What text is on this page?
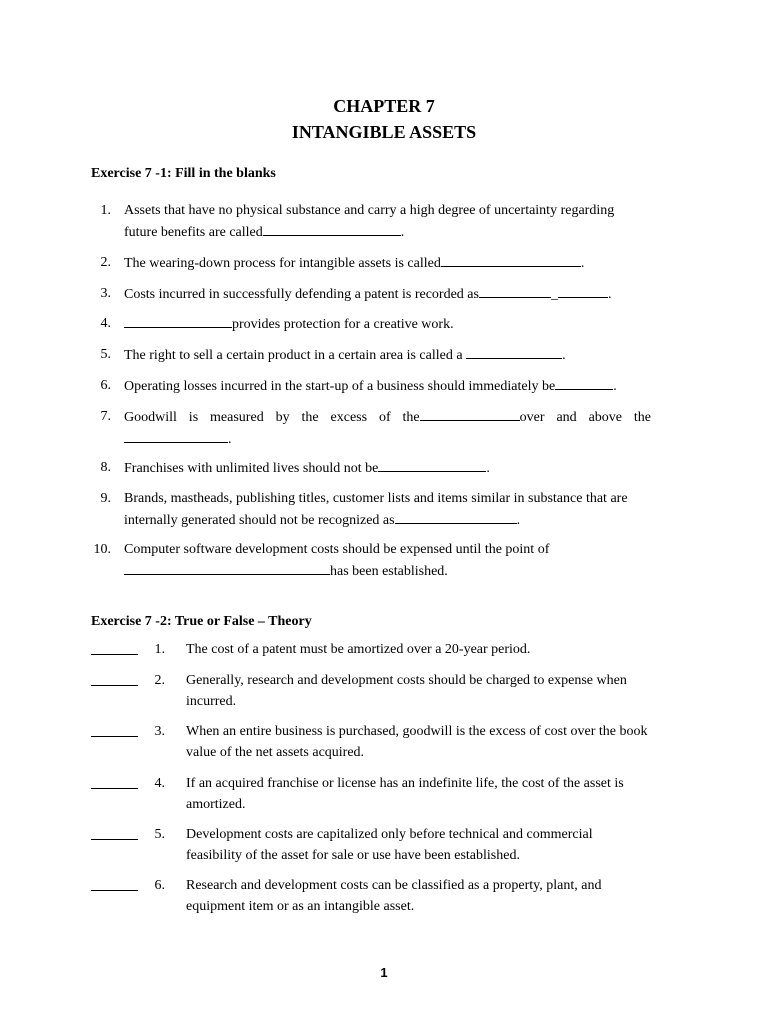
CHAPTER 7
INTANGIBLE ASSETS
Exercise 7 -1: Fill in the blanks
1. Assets that have no physical substance and carry a high degree of uncertainty regarding future benefits are called	.
2. The wearing-down process for intangible assets is called	.
3. Costs incurred in successfully defending a patent is recorded as	_	.
4.	provides protection for a creative work.
5. The right to sell a certain product in a certain area is called a	.
6. Operating losses incurred in the start-up of a business should immediately be	.
7. Goodwill is measured by the excess of the	over and above the
.
8. Franchises with unlimited lives should not be	.
9. Brands, mastheads, publishing titles, customer lists and items similar in substance that are internally generated should not be recognized as	.
10. Computer software development costs should be expensed until the point of
has been established.
Exercise 7 -2: True or False – Theory
1. The cost of a patent must be amortized over a 20-year period.
2. Generally, research and development costs should be charged to expense when incurred.
3. When an entire business is purchased, goodwill is the excess of cost over the book value of the net assets acquired.
4. If an acquired franchise or license has an indefinite life, the cost of the asset is amortized.
5. Development costs are capitalized only before technical and commercial feasibility of the asset for sale or use have been established.
6. Research and development costs can be classified as a property, plant, and equipment item or as an intangible asset.
1
